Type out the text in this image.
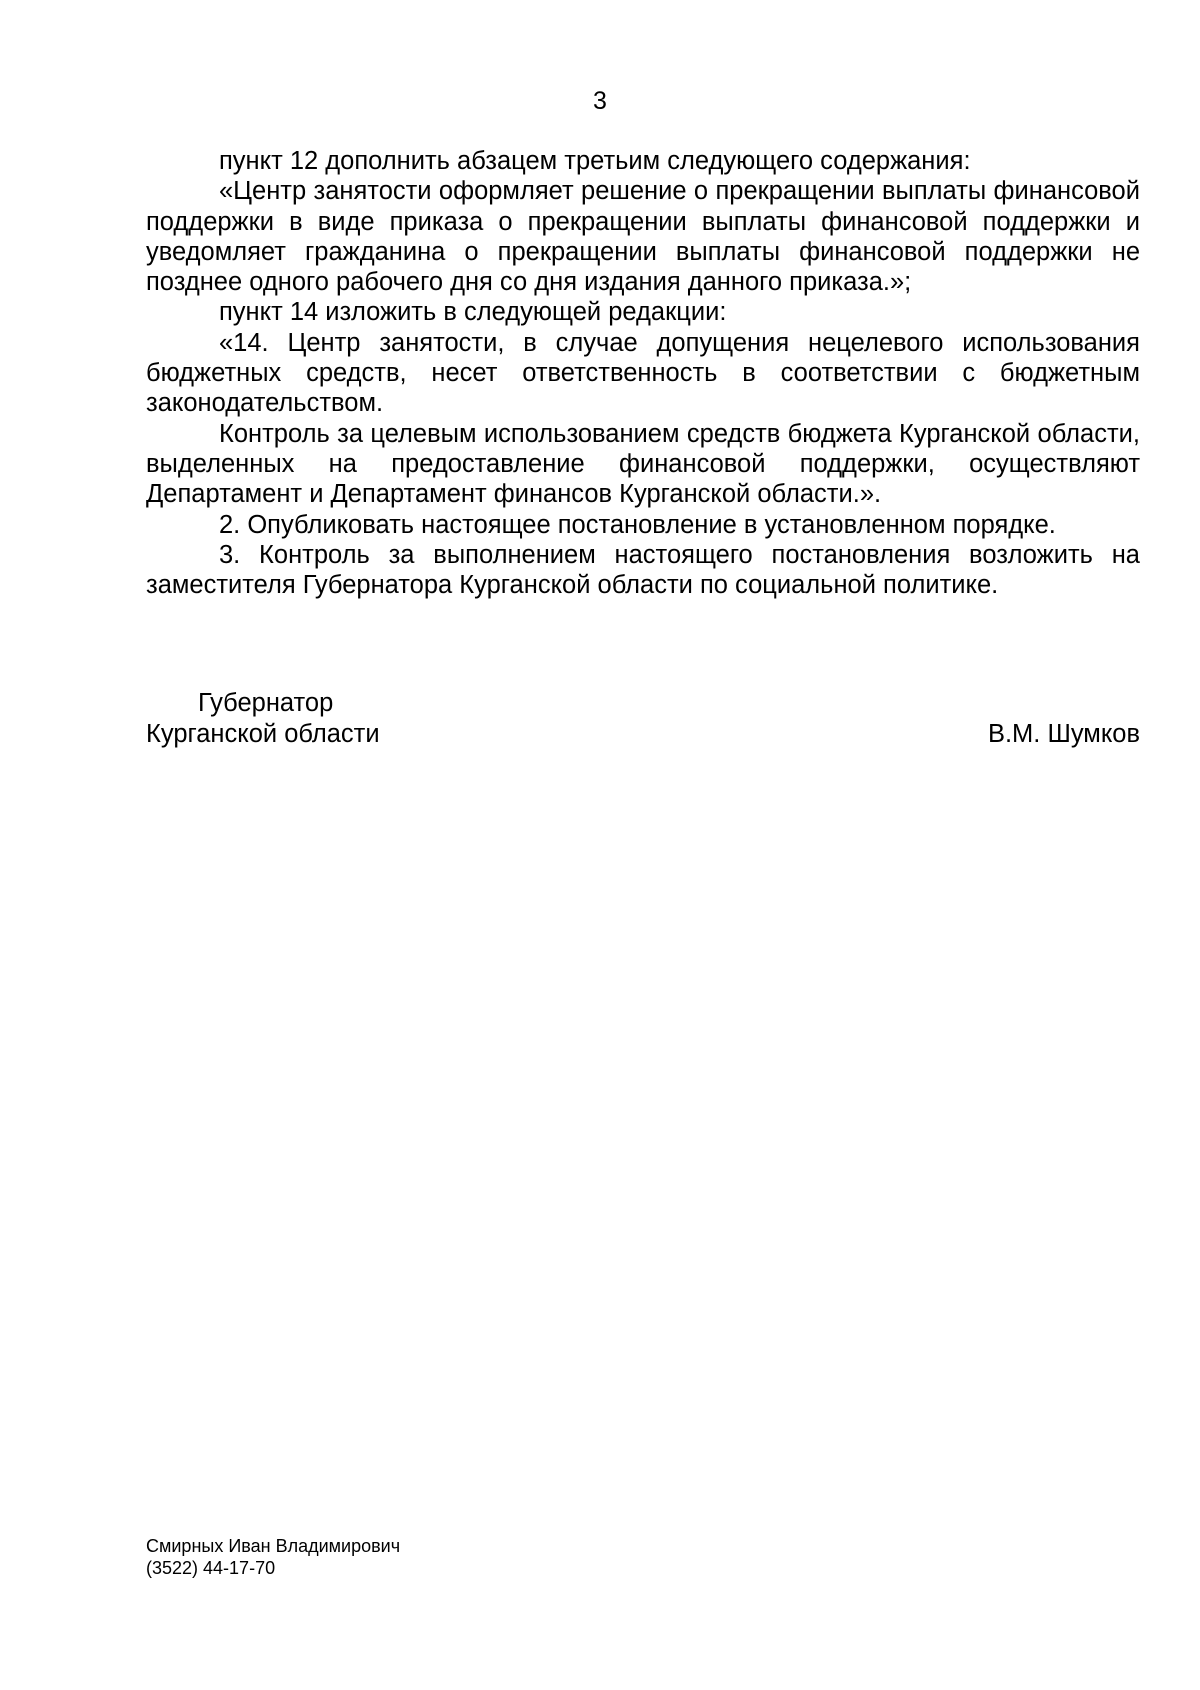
3

пункт 12 дополнить абзацем третьим следующего содержания:

«Центр занятости оформляет решение о прекращении выплаты финансовой поддержки в виде приказа о прекращении выплаты финансовой поддержки и уведомляет гражданина о прекращении выплаты финансовой поддержки не позднее одного рабочего дня со дня издания данного приказа.»;

пункт 14 изложить в следующей редакции:

«14. Центр занятости, в случае допущения нецелевого использования бюджетных средств, несет ответственность в соответствии с бюджетным законодательством.

Контроль за целевым использованием средств бюджета Курганской области, выделенных на предоставление финансовой поддержки, осуществляют Департамент и Департамент финансов Курганской области.».

2. Опубликовать настоящее постановление в установленном порядке.

3. Контроль за выполнением настоящего постановления возложить на заместителя Губернатора Курганской области по социальной политике.

Губернатор
Курганской области	В.М. Шумков
Смирных Иван Владимирович
(3522) 44-17-70
